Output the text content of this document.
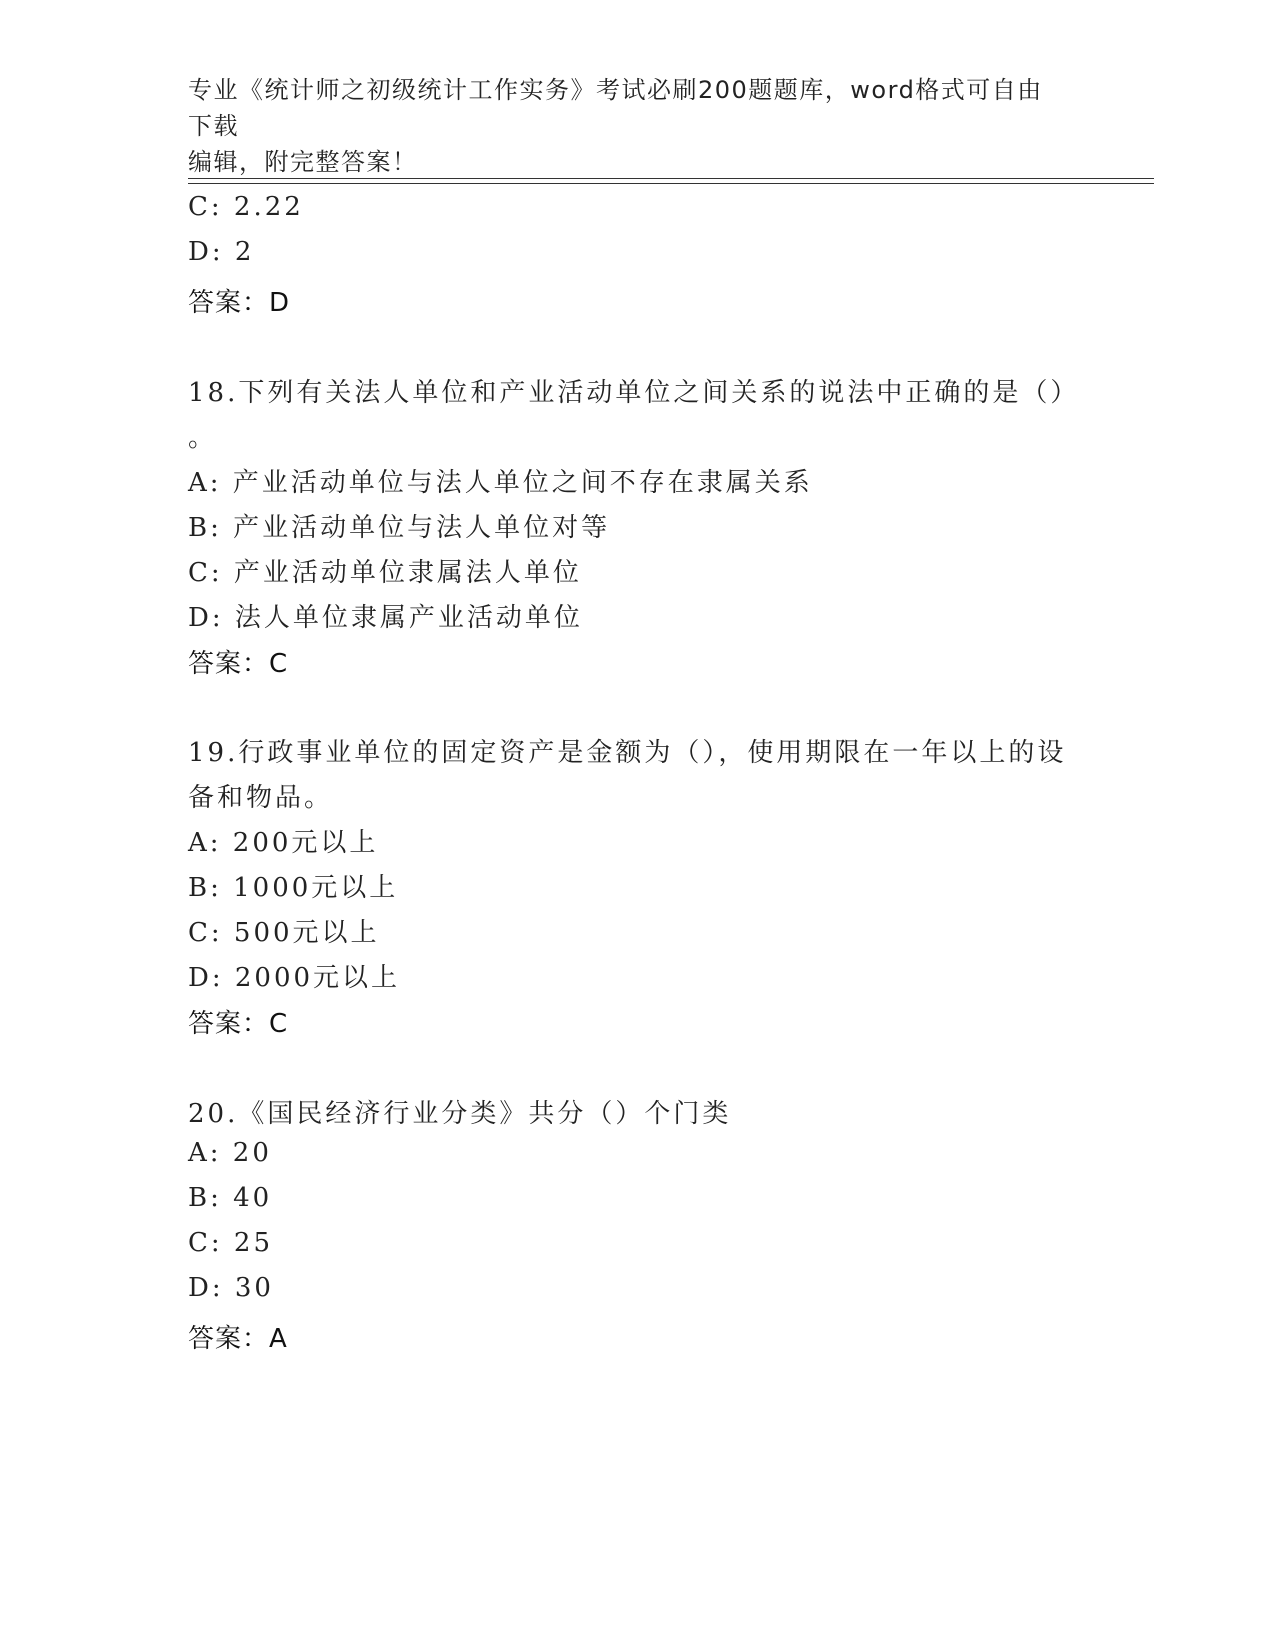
专业《统计师之初级统计工作实务》考试必刷200题题库，word格式可自由下载
编辑，附完整答案！
C: 2.22
D: 2
答案：D
18.下列有关法人单位和产业活动单位之间关系的说法中正确的是（）
。
A: 产业活动单位与法人单位之间不存在隶属关系
B: 产业活动单位与法人单位对等
C: 产业活动单位隶属法人单位
D: 法人单位隶属产业活动单位
答案：C
19.行政事业单位的固定资产是金额为（），使用期限在一年以上的设
备和物品。
A: 200元以上
B: 1000元以上
C: 500元以上
D: 2000元以上
答案：C
20.《国民经济行业分类》共分（）个门类
A: 20
B: 40
C: 25
D: 30
答案：A
